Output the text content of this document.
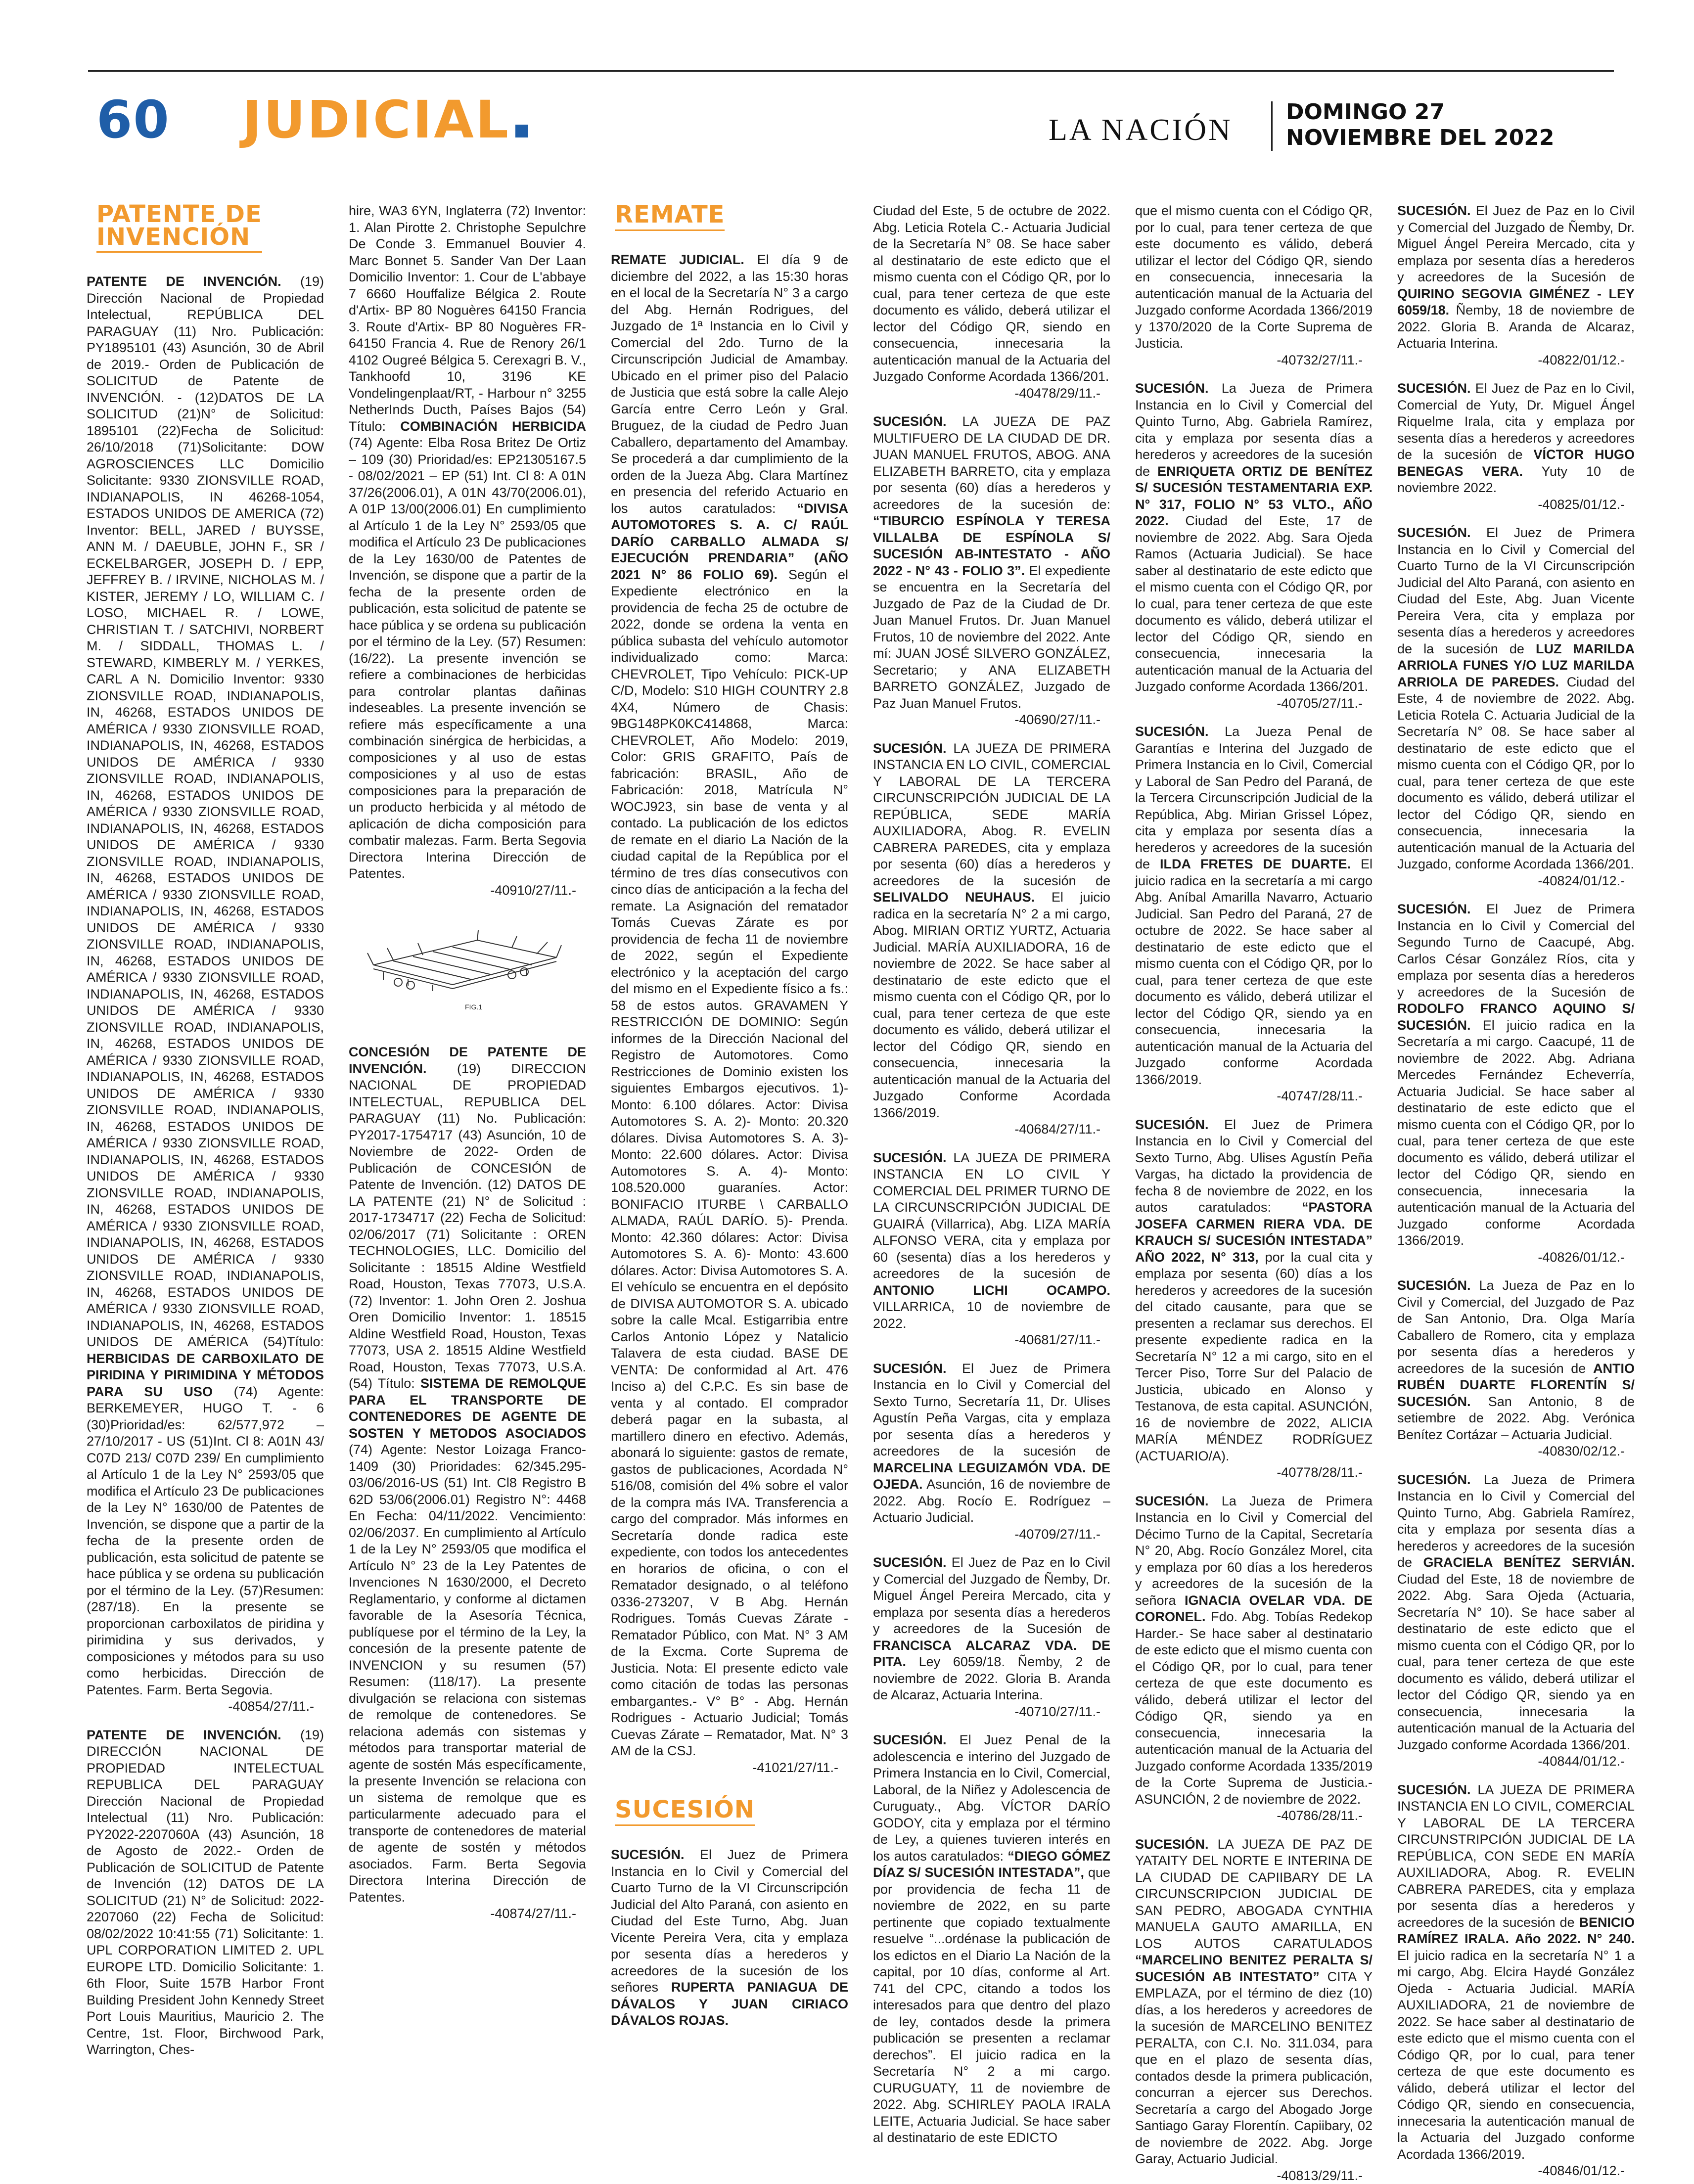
60 JUDICIAL	LA NACIÓN
DOMINGO 27
NOVIEMBRE DEL 2022
PATENTE DE
INVENCIÓN

PATENTE DE INVENCIÓN. (19) Dirección Nacional de Propiedad Intelectual, REPÚBLICA DEL PARAGUAY (11) Nro. Publicación: PY1895101 (43) Asunción, 30 de Abril de 2019.- Orden de Publicación de SOLICITUD de Patente de INVENCIÓN. - (12)DATOS DE LA SOLICITUD (21)N° de Solicitud: 1895101 (22)Fecha de Solicitud: 26/10/2018 (71)Solicitante: DOW AGROSCIENCES LLC Domicilio Solicitante: 9330 ZIONSVILLE ROAD, INDIANAPOLIS, IN 46268-1054, ESTADOS UNIDOS DE AMERICA (72) Inventor: BELL, JARED / BUYSSE, ANN M. / DAEUBLE, JOHN F., SR / ECKELBARGER, JOSEPH D. / EPP, JEFFREY B. / IRVINE, NICHOLAS M. / KISTER, JEREMY / LO, WILLIAM C. / LOSO, MICHAEL R. / LOWE, CHRISTIAN T. / SATCHIVI, NORBERT M. / SIDDALL, THOMAS L. / STEWARD, KIMBERLY M. / YERKES, CARL A N. Domicilio Inventor: 9330 ZIONSVILLE ROAD, INDIANAPOLIS, IN, 46268, ESTADOS UNIDOS DE AMÉRICA / 9330 ZIONSVILLE ROAD, INDIANAPOLIS, IN, 46268, ESTADOS UNIDOS DE AMÉRICA / 9330 ZIONSVILLE ROAD, INDIANAPOLIS, IN, 46268, ESTADOS UNIDOS DE AMÉRICA / 9330 ZIONSVILLE ROAD, INDIANAPOLIS, IN, 46268, ESTADOS UNIDOS DE AMÉRICA / 9330 ZIONSVILLE ROAD, INDIANAPOLIS, IN, 46268, ESTADOS UNIDOS DE AMÉRICA / 9330 ZIONSVILLE ROAD, INDIANAPOLIS, IN, 46268, ESTADOS UNIDOS DE AMÉRICA / 9330 ZIONSVILLE ROAD, INDIANAPOLIS, IN, 46268, ESTADOS UNIDOS DE AMÉRICA / 9330 ZIONSVILLE ROAD, INDIANAPOLIS, IN, 46268, ESTADOS UNIDOS DE AMÉRICA / 9330 ZIONSVILLE ROAD, INDIANAPOLIS, IN, 46268, ESTADOS UNIDOS DE AMÉRICA / 9330 ZIONSVILLE ROAD, INDIANAPOLIS, IN, 46268, ESTADOS UNIDOS DE AMÉRICA / 9330 ZIONSVILLE ROAD, INDIANAPOLIS, IN, 46268, ESTADOS UNIDOS DE AMÉRICA / 9330 ZIONSVILLE ROAD, INDIANAPOLIS, IN, 46268, ESTADOS UNIDOS DE AMÉRICA / 9330 ZIONSVILLE ROAD, INDIANAPOLIS, IN, 46268, ESTADOS UNIDOS DE AMÉRICA / 9330 ZIONSVILLE ROAD, INDIANAPOLIS, IN, 46268, ESTADOS UNIDOS DE AMÉRICA / 9330 ZIONSVILLE ROAD, INDIANAPOLIS, IN, 46268, ESTADOS UNIDOS DE AMÉRICA / 9330 ZIONSVILLE ROAD, INDIANAPOLIS, IN, 46268, ESTADOS UNIDOS DE AMÉRICA (54)Título: HERBICIDAS DE CARBOXILATO DE PIRIDINA Y PIRIMIDINA Y MÉTODOS PARA SU USO (74) Agente: BERKEMEYER, HUGO T. - 6 (30)Prioridad/es: 62/577,972 – 27/10/2017 - US (51)Int. Cl 8: A01N 43/ C07D 213/ C07D 239/ En cumplimiento al Artículo 1 de la Ley N° 2593/05 que modifica el Artículo 23 De publicaciones de la Ley N° 1630/00 de Patentes de Invención, se dispone que a partir de la fecha de la presente orden de publicación, esta solicitud de patente se hace pública y se ordena su publicación por el término de la Ley. (57)Resumen: (287/18). En la presente se proporcionan carboxilatos de piridina y pirimidina y sus derivados, y composiciones y métodos para su uso como herbicidas. Dirección de Patentes. Farm. Berta Segovia.
-40854/27/11.-

PATENTE DE INVENCIÓN. (19) DIRECCIÓN NACIONAL DE PROPIEDAD INTELECTUAL REPUBLICA DEL PARAGUAY Dirección Nacional de Propiedad Intelectual (11) Nro. Publicación: PY2022-2207060A (43) Asunción, 18 de Agosto de 2022.- Orden de Publicación de SOLICITUD de Patente de Invención (12) DATOS DE LA SOLICITUD (21) N° de Solicitud: 2022-2207060 (22) Fecha de Solicitud: 08/02/2022 10:41:55 (71) Solicitante: 1. UPL CORPORATION LIMITED 2. UPL EUROPE LTD. Domicilio Solicitante: 1. 6th Floor, Suite 157B Harbor Front Building President John Kennedy Street Port Louis Mauritius, Mauricio 2. The Centre, 1st. Floor, Birchwood Park, Warrington, Ches-

hire, WA3 6YN, Inglaterra (72) Inventor: 1. Alan Pirotte 2. Christophe Sepulchre De Conde 3. Emmanuel Bouvier 4. Marc Bonnet 5. Sander Van Der Laan Domicilio Inventor: 1. Cour de L'abbaye 7 6660 Houffalize Bélgica 2. Route d'Artix- BP 80 Noguères 64150 Francia 3. Route d'Artix- BP 80 Noguères FR-64150 Francia 4. Rue de Renory 26/1 4102 Ougreé Bélgica 5. Cerexagri B. V., Tankhoofd 10, 3196 KE Vondelingenplaat/RT, - Harbour n° 3255 NetherInds Ducth, Países Bajos (54) Título: COMBINACIÓN HERBICIDA (74) Agente: Elba Rosa Britez De Ortiz – 109 (30) Prioridad/es: EP21305167.5 - 08/02/2021 – EP (51) Int. Cl 8: A 01N 37/26(2006.01), A 01N 43/70(2006.01), A 01P 13/00(2006.01) En cumplimiento al Artículo 1 de la Ley N° 2593/05 que modifica el Artículo 23 De publicaciones de la Ley 1630/00 de Patentes de Invención, se dispone que a partir de la fecha de la presente orden de publicación, esta solicitud de patente se hace pública y se ordena su publicación por el término de la Ley. (57) Resumen: (16/22). La presente invención se refiere a combinaciones de herbicidas para controlar plantas dañinas indeseables. La presente invención se refiere más específicamente a una combinación sinérgica de herbicidas, a composiciones y al uso de estas composiciones y al uso de estas composiciones para la preparación de un producto herbicida y al método de aplicación de dicha composición para combatir malezas. Farm. Berta Segovia Directora Interina Dirección de Patentes.
-40910/27/11.-

FIG.1

CONCESIÓN DE PATENTE DE INVENCIÓN. (19) DIRECCION NACIONAL DE PROPIEDAD INTELECTUAL, REPUBLICA DEL PARAGUAY (11) No. Publicación: PY2017-1754717 (43) Asunción, 10 de Noviembre de 2022- Orden de Publicación de CONCESIÓN de Patente de Invención. (12) DATOS DE LA PATENTE (21) N° de Solicitud : 2017-1734717 (22) Fecha de Solicitud: 02/06/2017 (71) Solicitante : OREN TECHNOLOGIES, LLC. Domicilio del Solicitante : 18515 Aldine Westfield Road, Houston, Texas 77073, U.S.A. (72) Inventor: 1. John Oren 2. Joshua Oren Domicilio Inventor: 1. 18515 Aldine Westfield Road, Houston, Texas 77073, USA 2. 18515 Aldine Westfield Road, Houston, Texas 77073, U.S.A. (54) Título: SISTEMA DE REMOLQUE PARA EL TRANSPORTE DE CONTENEDORES DE AGENTE DE SOSTEN Y METODOS ASOCIADOS (74) Agente: Nestor Loizaga Franco-1409 (30) Prioridades: 62/345.295-03/06/2016-US (51) Int. Cl8 Registro B 62D 53/06(2006.01) Registro N°: 4468 En Fecha: 04/11/2022. Vencimiento: 02/06/2037. En cumplimiento al Artículo 1 de la Ley N° 2593/05 que modifica el Artículo N° 23 de la Ley Patentes de Invenciones N 1630/2000, el Decreto Reglamentario, y conforme al dictamen favorable de la Asesoría Técnica, publíquese por el término de la Ley, la concesión de la presente patente de INVENCION y su resumen (57) Resumen: (118/17). La presente divulgación se relaciona con sistemas de remolque de contenedores. Se relaciona además con sistemas y métodos para transportar material de agente de sostén Más específicamente, la presente Invención se relaciona con un sistema de remolque que es particularmente adecuado para el transporte de contenedores de material de agente de sostén y métodos asociados. Farm. Berta Segovia Directora Interina Dirección de Patentes.
-40874/27/11.-

REMATE

REMATE JUDICIAL. El día 9 de diciembre del 2022, a las 15:30 horas en el local de la Secretaría N° 3 a cargo del Abg. Hernán Rodrigues, del Juzgado de 1ª Instancia en lo Civil y Comercial del 2do. Turno de la Circunscripción Judicial de Amambay. Ubicado en el primer piso del Palacio de Justicia que está sobre la calle Alejo García entre Cerro León y Gral. Bruguez, de la ciudad de Pedro Juan Caballero, departamento del Amambay. Se procederá a dar cumplimiento de la orden de la Jueza Abg. Clara Martínez en presencia del referido Actuario en los autos caratulados: “DIVISA AUTOMOTORES S. A. C/ RAÚL DARÍO CARBALLO ALMADA S/ EJECUCIÓN PRENDARIA” (AÑO 2021 N° 86 FOLIO 69). Según el Expediente electrónico en la providencia de fecha 25 de octubre de 2022, donde se ordena la venta en pública subasta del vehículo automotor individualizado como: Marca: CHEVROLET, Tipo Vehículo: PICK-UP C/D, Modelo: S10 HIGH COUNTRY 2.8 4X4, Número de Chasis: 9BG148PK0KC414868, Marca: CHEVROLET, Año Modelo: 2019, Color: GRIS GRAFITO, País de fabricación: BRASIL, Año de Fabricación: 2018, Matrícula N° WOCJ923, sin base de venta y al contado. La publicación de los edictos de remate en el diario La Nación de la ciudad capital de la República por el término de tres días consecutivos con cinco días de anticipación a la fecha del remate. La Asignación del rematador Tomás Cuevas Zárate es por providencia de fecha 11 de noviembre de 2022, según el Expediente electrónico y la aceptación del cargo del mismo en el Expediente físico a fs.: 58 de estos autos. GRAVAMEN Y RESTRICCIÓN DE DOMINIO: Según informes de la Dirección Nacional del Registro de Automotores. Como Restricciones de Dominio existen los siguientes Embargos ejecutivos. 1)- Monto: 6.100 dólares. Actor: Divisa Automotores S. A. 2)- Monto: 20.320 dólares. Divisa Automotores S. A. 3)- Monto: 22.600 dólares. Actor: Divisa Automotores S. A. 4)- Monto: 108.520.000 guaraníes. Actor: BONIFACIO ITURBE \ CARBALLO ALMADA, RAÚL DARÍO. 5)- Prenda. Monto: 42.360 dólares: Actor: Divisa Automotores S. A. 6)- Monto: 43.600 dólares. Actor: Divisa Automotores S. A. El vehículo se encuentra en el depósito de DIVISA AUTOMOTOR S. A. ubicado sobre la calle Mcal. Estigarribia entre Carlos Antonio López y Natalicio Talavera de esta ciudad. BASE DE VENTA: De conformidad al Art. 476 Inciso a) del C.P.C. Es sin base de venta y al contado. El comprador deberá pagar en la subasta, al martillero dinero en efectivo. Además, abonará lo siguiente: gastos de remate, gastos de publicaciones, Acordada N° 516/08, comisión del 4% sobre el valor de la compra más IVA. Transferencia a cargo del comprador. Más informes en Secretaría donde radica este expediente, con todos los antecedentes en horarios de oficina, o con el Rematador designado, o al teléfono 0336-273207, V B Abg. Hernán Rodrigues. Tomás Cuevas Zárate - Rematador Público, con Mat. N° 3 AM de la Excma. Corte Suprema de Justicia. Nota: El presente edicto vale como citación de todas las personas embargantes.- V° B° - Abg. Hernán Rodrigues - Actuario Judicial; Tomás Cuevas Zárate – Rematador, Mat. N° 3 AM de la CSJ.
-41021/27/11.-

SUCESIÓN

SUCESIÓN. El Juez de Primera Instancia en lo Civil y Comercial del Cuarto Turno de la VI Circunscripción Judicial del Alto Paraná, con asiento en Ciudad del Este Turno, Abg. Juan Vicente Pereira Vera, cita y emplaza por sesenta días a herederos y acreedores de la sucesión de los señores RUPERTA PANIAGUA DE DÁVALOS Y JUAN CIRIACO DÁVALOS ROJAS.

Ciudad del Este, 5 de octubre de 2022. Abg. Leticia Rotela C.- Actuaria Judicial de la Secretaría N° 08. Se hace saber al destinatario de este edicto que el mismo cuenta con el Código QR, por lo cual, para tener certeza de que este documento es válido, deberá utilizar el lector del Código QR, siendo en consecuencia, innecesaria la autenticación manual de la Actuaria del Juzgado Conforme Acordada 1366/201.
-40478/29/11.-

SUCESIÓN. LA JUEZA DE PAZ MULTIFUERO DE LA CIUDAD DE DR. JUAN MANUEL FRUTOS, ABOG. ANA ELIZABETH BARRETO, cita y emplaza por sesenta (60) días a herederos y acreedores de la sucesión de: “TIBURCIO ESPÍNOLA Y TERESA VILLALBA DE ESPÍNOLA S/ SUCESIÓN AB-INTESTATO - AÑO 2022 - N° 43 - FOLIO 3”. El expediente se encuentra en la Secretaría del Juzgado de Paz de la Ciudad de Dr. Juan Manuel Frutos. Dr. Juan Manuel Frutos, 10 de noviembre del 2022. Ante mí: JUAN JOSÉ SILVERO GONZÁLEZ, Secretario; y ANA ELIZABETH BARRETO GONZÁLEZ, Juzgado de Paz Juan Manuel Frutos.
-40690/27/11.-

SUCESIÓN. LA JUEZA DE PRIMERA INSTANCIA EN LO CIVIL, COMERCIAL Y LABORAL DE LA TERCERA CIRCUNSCRIPCIÓN JUDICIAL DE LA REPÚBLICA, SEDE MARÍA AUXILIADORA, Abog. R. EVELIN CABRERA PAREDES, cita y emplaza por sesenta (60) días a herederos y acreedores de la sucesión de SELIVALDO NEUHAUS. El juicio radica en la secretaría N° 2 a mi cargo, Abog. MIRIAN ORTIZ YURTZ, Actuaria Judicial. MARÍA AUXILIADORA, 16 de noviembre de 2022. Se hace saber al destinatario de este edicto que el mismo cuenta con el Código QR, por lo cual, para tener certeza de que este documento es válido, deberá utilizar el lector del Código QR, siendo en consecuencia, innecesaria la autenticación manual de la Actuaria del Juzgado Conforme Acordada 1366/2019.
-40684/27/11.-

SUCESIÓN. LA JUEZA DE PRIMERA INSTANCIA EN LO CIVIL Y COMERCIAL DEL PRIMER TURNO DE LA CIRCUNSCRIPCIÓN JUDICIAL DE GUAIRÁ (Villarrica), Abg. LIZA MARÍA ALFONSO VERA, cita y emplaza por 60 (sesenta) días a los herederos y acreedores de la sucesión de ANTONIO LICHI OCAMPO. VILLARRICA, 10 de noviembre de 2022.
-40681/27/11.-

SUCESIÓN. El Juez de Primera Instancia en lo Civil y Comercial del Sexto Turno, Secretaría 11, Dr. Ulises Agustín Peña Vargas, cita y emplaza por sesenta días a herederos y acreedores de la sucesión de MARCELINA LEGUIZAMÓN VDA. DE OJEDA. Asunción, 16 de noviembre de 2022. Abg. Rocío E. Rodríguez – Actuario Judicial.
-40709/27/11.-

SUCESIÓN. El Juez de Paz en lo Civil y Comercial del Juzgado de Ñemby, Dr. Miguel Ángel Pereira Mercado, cita y emplaza por sesenta días a herederos y acreedores de la Sucesión de FRANCISCA ALCARAZ VDA. DE PITA. Ley 6059/18. Ñemby, 2 de noviembre de 2022. Gloria B. Aranda de Alcaraz, Actuaria Interina.
-40710/27/11.-

SUCESIÓN. El Juez Penal de la adolescencia e interino del Juzgado de Primera Instancia en lo Civil, Comercial, Laboral, de la Niñez y Adolescencia de Curuguaty., Abg. VÍCTOR DARÍO GODOY, cita y emplaza por el término de Ley, a quienes tuvieren interés en los autos caratulados: “DIEGO GÓMEZ DÍAZ S/ SUCESIÓN INTESTADA”, que por providencia de fecha 11 de noviembre de 2022, en su parte pertinente que copiado textualmente resuelve “...ordénase la publicación de los edictos en el Diario La Nación de la capital, por 10 días, conforme al Art. 741 del CPC, citando a todos los interesados para que dentro del plazo de ley, contados desde la primera publicación se presenten a reclamar derechos”. El juicio radica en la Secretaría N° 2 a mi cargo. CURUGUATY, 11 de noviembre de 2022. Abg. SCHIRLEY PAOLA IRALA LEITE, Actuaria Judicial. Se hace saber al destinatario de este EDICTO

que el mismo cuenta con el Código QR, por lo cual, para tener certeza de que este documento es válido, deberá utilizar el lector del Código QR, siendo en consecuencia, innecesaria la autenticación manual de la Actuaria del Juzgado conforme Acordada 1366/2019 y 1370/2020 de la Corte Suprema de Justicia.
-40732/27/11.-

SUCESIÓN. La Jueza de Primera Instancia en lo Civil y Comercial del Quinto Turno, Abg. Gabriela Ramírez, cita y emplaza por sesenta días a herederos y acreedores de la sucesión de ENRIQUETA ORTIZ DE BENÍTEZ S/ SUCESIÓN TESTAMENTARIA EXP. N° 317, FOLIO N° 53 VLTO., AÑO 2022. Ciudad del Este, 17 de noviembre de 2022. Abg. Sara Ojeda Ramos (Actuaria Judicial). Se hace saber al destinatario de este edicto que el mismo cuenta con el Código QR, por lo cual, para tener certeza de que este documento es válido, deberá utilizar el lector del Código QR, siendo en consecuencia, innecesaria la autenticación manual de la Actuaria del Juzgado conforme Acordada 1366/201.
-40705/27/11.-

SUCESIÓN. La Jueza Penal de Garantías e Interina del Juzgado de Primera Instancia en lo Civil, Comercial y Laboral de San Pedro del Paraná, de la Tercera Circunscripción Judicial de la República, Abg. Mirian Grissel López, cita y emplaza por sesenta días a herederos y acreedores de la sucesión de ILDA FRETES DE DUARTE. El juicio radica en la secretaría a mi cargo Abg. Aníbal Amarilla Navarro, Actuario Judicial. San Pedro del Paraná, 27 de octubre de 2022. Se hace saber al destinatario de este edicto que el mismo cuenta con el Código QR, por lo cual, para tener certeza de que este documento es válido, deberá utilizar el lector del Código QR, siendo ya en consecuencia, innecesaria la autenticación manual de la Actuaria del Juzgado conforme Acordada 1366/2019.
-40747/28/11.-

SUCESIÓN. El Juez de Primera Instancia en lo Civil y Comercial del Sexto Turno, Abg. Ulises Agustín Peña Vargas, ha dictado la providencia de fecha 8 de noviembre de 2022, en los autos caratulados: “PASTORA JOSEFA CARMEN RIERA VDA. DE KRAUCH S/ SUCESIÓN INTESTADA” AÑO 2022, N° 313, por la cual cita y emplaza por sesenta (60) días a los herederos y acreedores de la sucesión del citado causante, para que se presenten a reclamar sus derechos. El presente expediente radica en la Secretaría N° 12 a mi cargo, sito en el Tercer Piso, Torre Sur del Palacio de Justicia, ubicado en Alonso y Testanova, de esta capital. ASUNCIÓN, 16 de noviembre de 2022, ALICIA MARÍA MÉNDEZ RODRÍGUEZ (ACTUARIO/A).
-40778/28/11.-

SUCESIÓN. La Jueza de Primera Instancia en lo Civil y Comercial del Décimo Turno de la Capital, Secretaría N° 20, Abg. Rocío González Morel, cita y emplaza por 60 días a los herederos y acreedores de la sucesión de la señora IGNACIA OVELAR VDA. DE CORONEL. Fdo. Abg. Tobías Redekop Harder.- Se hace saber al destinatario de este edicto que el mismo cuenta con el Código QR, por lo cual, para tener certeza de que este documento es válido, deberá utilizar el lector del Código QR, siendo ya en consecuencia, innecesaria la autenticación manual de la Actuaria del Juzgado conforme Acordada 1335/2019 de la Corte Suprema de Justicia.- ASUNCIÓN, 2 de noviembre de 2022.
-40786/28/11.-

SUCESIÓN. LA JUEZA DE PAZ DE YATAITY DEL NORTE E INTERINA DE LA CIUDAD DE CAPIIBARY DE LA CIRCUNSCRIPCION JUDICIAL DE SAN PEDRO, ABOGADA CYNTHIA MANUELA GAUTO AMARILLA, EN LOS AUTOS CARATULADOS “MARCELINO BENITEZ PERALTA S/ SUCESIÓN AB INTESTATO” CITA Y EMPLAZA, por el término de diez (10) días, a los herederos y acreedores de la sucesión de MARCELINO BENITEZ PERALTA, con C.I. No. 311.034, para que en el plazo de sesenta días, contados desde la primera publicación, concurran a ejercer sus Derechos. Secretaría a cargo del Abogado Jorge Santiago Garay Florentín. Capiibary, 02 de noviembre de 2022. Abg. Jorge Garay, Actuario Judicial.
-40813/29/11.-

SUCESIÓN. El Juez de Paz en lo Civil y Comercial del Juzgado de Ñemby, Dr. Miguel Ángel Pereira Mercado, cita y emplaza por sesenta días a herederos y acreedores de la Sucesión de QUIRINO SEGOVIA GIMÉNEZ - LEY 6059/18. Ñemby, 18 de noviembre de 2022. Gloria B. Aranda de Alcaraz, Actuaria Interina.
-40822/01/12.-

SUCESIÓN. El Juez de Paz en lo Civil, Comercial de Yuty, Dr. Miguel Ángel Riquelme Irala, cita y emplaza por sesenta días a herederos y acreedores de la sucesión de VÍCTOR HUGO BENEGAS VERA. Yuty 10 de noviembre 2022.
-40825/01/12.-

SUCESIÓN. El Juez de Primera Instancia en lo Civil y Comercial del Cuarto Turno de la VI Circunscripción Judicial del Alto Paraná, con asiento en Ciudad del Este, Abg. Juan Vicente Pereira Vera, cita y emplaza por sesenta días a herederos y acreedores de la sucesión de LUZ MARILDA ARRIOLA FUNES Y/O LUZ MARILDA ARRIOLA DE PAREDES. Ciudad del Este, 4 de noviembre de 2022. Abg. Leticia Rotela C. Actuaria Judicial de la Secretaría N° 08. Se hace saber al destinatario de este edicto que el mismo cuenta con el Código QR, por lo cual, para tener certeza de que este documento es válido, deberá utilizar el lector del Código QR, siendo en consecuencia, innecesaria la autenticación manual de la Actuaria del Juzgado, conforme Acordada 1366/201.
-40824/01/12.-

SUCESIÓN. El Juez de Primera Instancia en lo Civil y Comercial del Segundo Turno de Caacupé, Abg. Carlos César González Ríos, cita y emplaza por sesenta días a herederos y acreedores de la Sucesión de RODOLFO FRANCO AQUINO S/ SUCESIÓN. El juicio radica en la Secretaría a mi cargo. Caacupé, 11 de noviembre de 2022. Abg. Adriana Mercedes Fernández Echeverría, Actuaria Judicial. Se hace saber al destinatario de este edicto que el mismo cuenta con el Código QR, por lo cual, para tener certeza de que este documento es válido, deberá utilizar el lector del Código QR, siendo en consecuencia, innecesaria la autenticación manual de la Actuaria del Juzgado conforme Acordada 1366/2019.
-40826/01/12.-

SUCESIÓN. La Jueza de Paz en lo Civil y Comercial, del Juzgado de Paz de San Antonio, Dra. Olga María Caballero de Romero, cita y emplaza por sesenta días a herederos y acreedores de la sucesión de ANTIO RUBÉN DUARTE FLORENTÍN S/ SUCESIÓN. San Antonio, 8 de setiembre de 2022. Abg. Verónica Benítez Cortázar – Actuaria Judicial.
-40830/02/12.-

SUCESIÓN. La Jueza de Primera Instancia en lo Civil y Comercial del Quinto Turno, Abg. Gabriela Ramírez, cita y emplaza por sesenta días a herederos y acreedores de la sucesión de GRACIELA BENÍTEZ SERVIÁN. Ciudad del Este, 18 de noviembre de 2022. Abg. Sara Ojeda (Actuaria, Secretaría N° 10). Se hace saber al destinatario de este edicto que el mismo cuenta con el Código QR, por lo cual, para tener certeza de que este documento es válido, deberá utilizar el lector del Código QR, siendo ya en consecuencia, innecesaria la autenticación manual de la Actuaria del Juzgado conforme Acordada 1366/201.
-40844/01/12.-

SUCESIÓN. LA JUEZA DE PRIMERA INSTANCIA EN LO CIVIL, COMERCIAL Y LABORAL DE LA TERCERA CIRCUNSTRIPCIÓN JUDICIAL DE LA REPÚBLICA, CON SEDE EN MARÍA AUXILIADORA, Abog. R. EVELIN CABRERA PAREDES, cita y emplaza por sesenta días a herederos y acreedores de la sucesión de BENICIO RAMÍREZ IRALA. Año 2022. N° 240. El juicio radica en la secretaría N° 1 a mi cargo, Abg. Elcira Haydé González Ojeda - Actuaria Judicial. MARÍA AUXILIADORA, 21 de noviembre de 2022. Se hace saber al destinatario de este edicto que el mismo cuenta con el Código QR, por lo cual, para tener certeza de que este documento es válido, deberá utilizar el lector del Código QR, siendo en consecuencia, innecesaria la autenticación manual de la Actuaria del Juzgado conforme Acordada 1366/2019.
-40846/01/12.-
